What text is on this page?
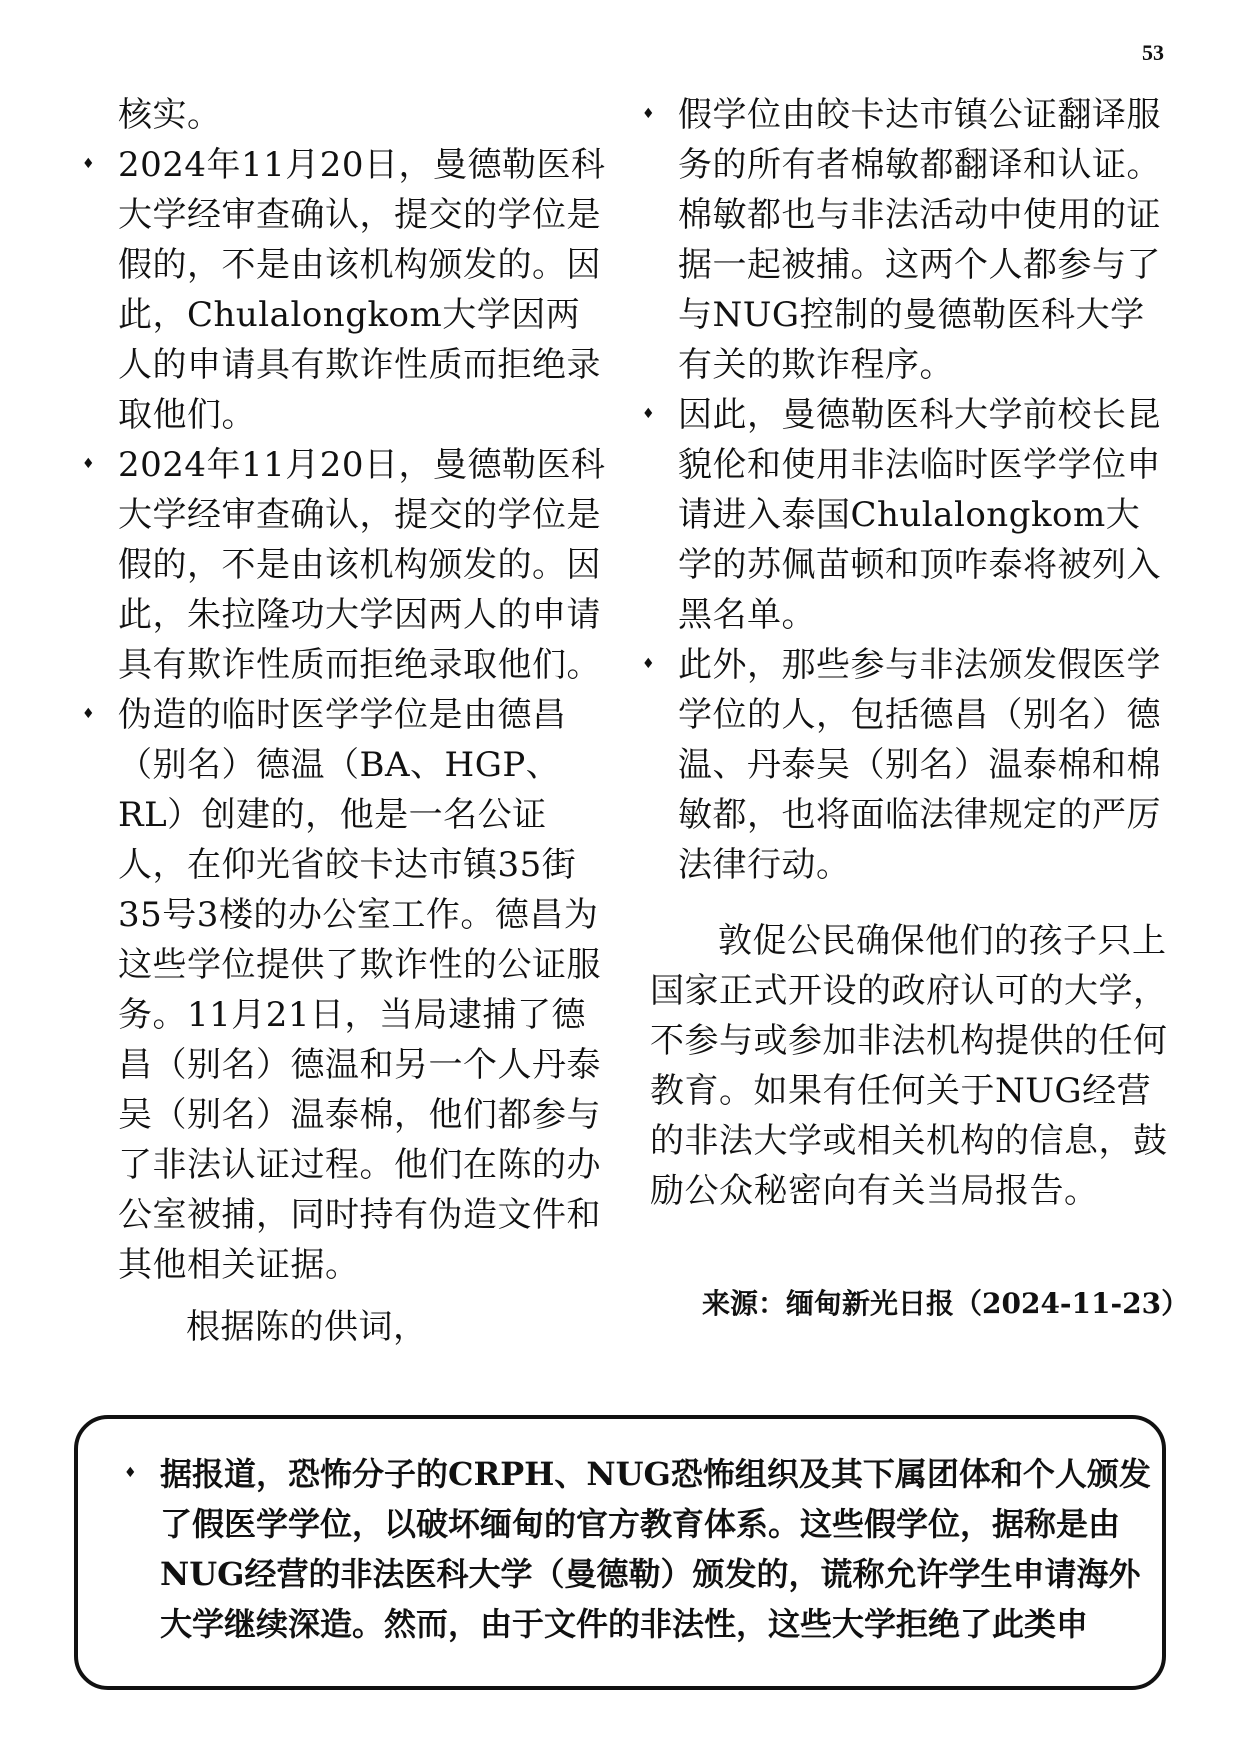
53
核实。
♦ 2024年11月20日，曼德勒医科大学经审查确认，提交的学位是假的，不是由该机构颁发的。因此，Chulalongkom大学因两人的申请具有欺诈性质而拒绝录取他们。
♦ 2024年11月20日，曼德勒医科大学经审查确认，提交的学位是假的，不是由该机构颁发的。因此，朱拉隆功大学因两人的申请具有欺诈性质而拒绝录取他们。
♦ 伪造的临时医学学位是由德昌（别名）德温（BA、HGP、RL）创建的，他是一名公证人，在仰光省皎卡达市镇35街35号3楼的办公室工作。德昌为这些学位提供了欺诈性的公证服务。11月21日，当局逮捕了德昌（别名）德温和另一个人丹泰吴（别名）温泰棉，他们都参与了非法认证过程。他们在陈的办公室被捕，同时持有伪造文件和其他相关证据。
根据陈的供词，
♦ 假学位由皎卡达市镇公证翻译服务的所有者棉敏都翻译和认证。棉敏都也与非法活动中使用的证据一起被捕。这两个人都参与了与NUG控制的曼德勒医科大学有关的欺诈程序。
♦ 因此，曼德勒医科大学前校长昆貌伦和使用非法临时医学学位申请进入泰国Chulalongkom大学的苏佩苗顿和顶咋泰将被列入黑名单。
♦ 此外，那些参与非法颁发假医学学位的人，包括德昌（别名）德温、丹泰吴（别名）温泰棉和棉敏都，也将面临法律规定的严厉法律行动。
敦促公民确保他们的孩子只上国家正式开设的政府认可的大学，不参与或参加非法机构提供的任何教育。如果有任何关于NUG经营的非法大学或相关机构的信息，鼓励公众秘密向有关当局报告。
来源：缅甸新光日报（2024-11-23）
♦ 据报道，恐怖分子的CRPH、NUG恐怖组织及其下属团体和个人颁发了假医学学位，以破坏缅甸的官方教育体系。这些假学位，据称是由NUG经营的非法医科大学（曼德勒）颁发的，谎称允许学生申请海外大学继续深造。然而，由于文件的非法性，这些大学拒绝了此类申
